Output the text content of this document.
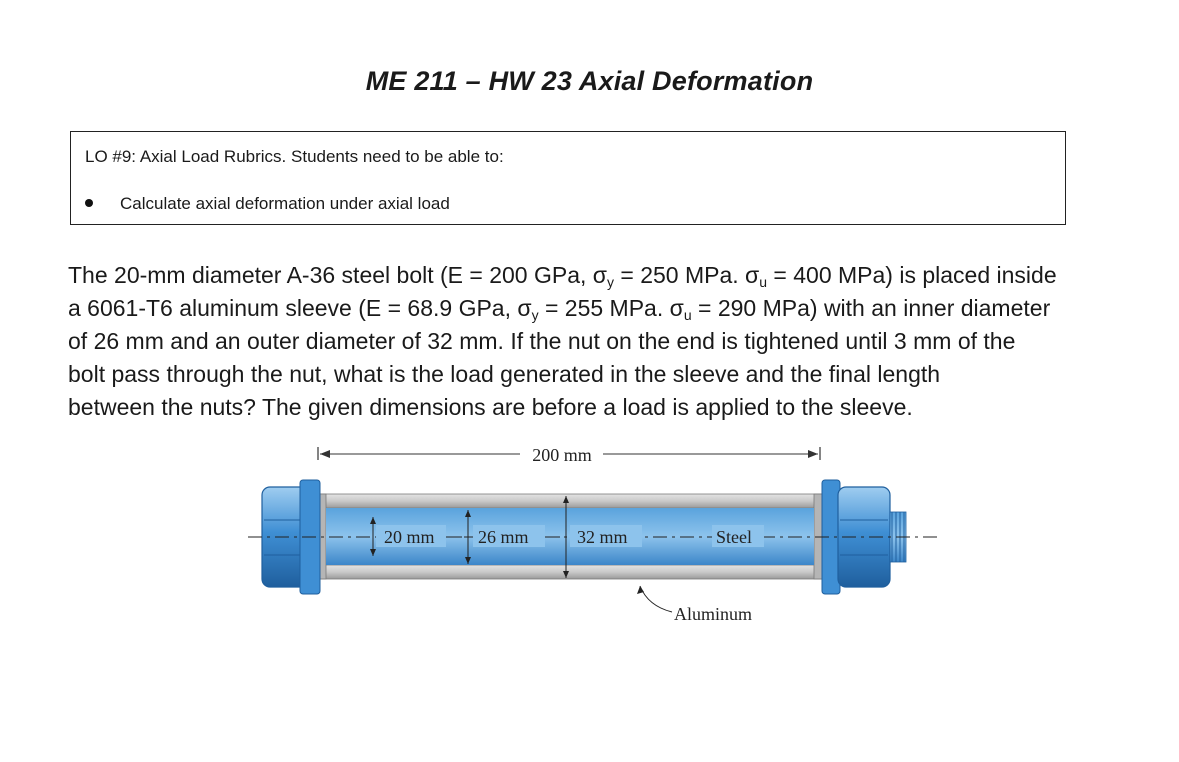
ME 211 – HW 23 Axial Deformation
LO #9: Axial Load Rubrics. Students need to be able to:
Calculate axial deformation under axial load
The 20-mm diameter A-36 steel bolt (E = 200 GPa, $\sigma_y = 250$ MPa. $\sigma_u = 400$ MPa) is placed inside
a 6061-T6 aluminum sleeve (E = 68.9 GPa, $\sigma_y = 255$ MPa. $\sigma_u = 290$ MPa) with an inner diameter
of 26 mm and an outer diameter of 32 mm. If the nut on the end is tightened until 3 mm of the
bolt pass through the nut, what is the load generated in the sleeve and the final length
between the nuts? The given dimensions are before a load is applied to the sleeve.
200 mm
20 mm 26 mm	32 mm	Steel
Aluminum
